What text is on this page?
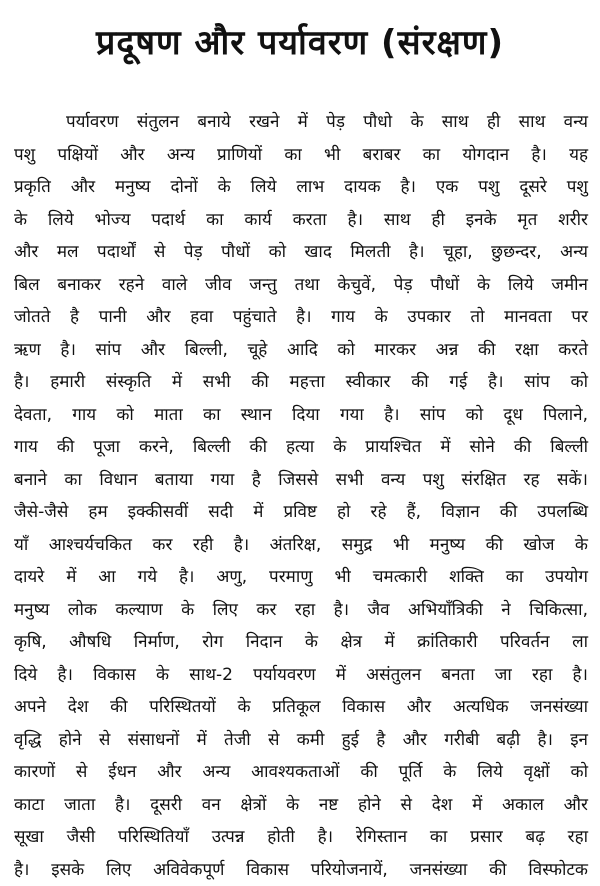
प्रदूषण और पर्यावरण (संरक्षण)
पर्यावरण संतुलन बनाये रखने में पेड़ पौधो के साथ ही साथ वन्य
पशु पक्षियों और अन्य प्राणियों का भी बराबर का योगदान है। यह
प्रकृति और मनुष्य दोनों के लिये लाभ दायक है। एक पशु दूसरे पशु
के लिये भोज्य पदार्थ का कार्य करता है। साथ ही इनके मृत शरीर
और मल पदार्थों से पेड़ पौधों को खाद मिलती है। चूहा, छुछन्दर, अन्य
बिल बनाकर रहने वाले जीव जन्तु तथा केचुवें, पेड़ पौधों के लिये जमीन
जोतते है पानी और हवा पहुंचाते है। गाय के उपकार तो मानवता पर
ऋण है। सांप और बिल्ली, चूहे आदि को मारकर अन्न की रक्षा करते
है। हमारी संस्कृति में सभी की महत्ता स्वीकार की गई है। सांप को
देवता, गाय को माता का स्थान दिया गया है। सांप को दूध पिलाने,
गाय की पूजा करने, बिल्ली की हत्या के प्रायश्चित में सोने की बिल्ली
बनाने का विधान बताया गया है जिससे सभी वन्य पशु संरक्षित रह सकें।
जैसे-जैसे हम इक्कीसवीं सदी में प्रविष्ट हो रहे हैं, विज्ञान की उपलब्धि
याँ आश्चर्यचकित कर रही है। अंतरिक्ष, समुद्र भी मनुष्य की खोज के
दायरे में आ गये है। अणु, परमाणु भी चमत्कारी शक्ति का उपयोग
मनुष्य लोक कल्याण के लिए कर रहा है। जैव अभियाँत्रिकी ने चिकित्सा,
कृषि, औषधि निर्माण, रोग निदान के क्षेत्र में क्रांतिकारी परिवर्तन ला
दिये है। विकास के साथ-2 पर्यायवरण में असंतुलन बनता जा रहा है।
अपने देश की परिस्थितयों के प्रतिकूल विकास और अत्यधिक जनसंख्या
वृद्धि होने से संसाधनों में तेजी से कमी हुई है और गरीबी बढ़ी है। इन
कारणों से ईधन और अन्य आवश्यकताओं की पूर्ति के लिये वृक्षों को
काटा जाता है। दूसरी वन क्षेत्रों के नष्ट होने से देश में अकाल और
सूखा जैसी परिस्थितियाँ उत्पन्न होती है। रेगिस्तान का प्रसार बढ़ रहा
है। इसके लिए अविवेकपूर्ण विकास परियोजनायें, जनसंख्या की विस्फोटक
